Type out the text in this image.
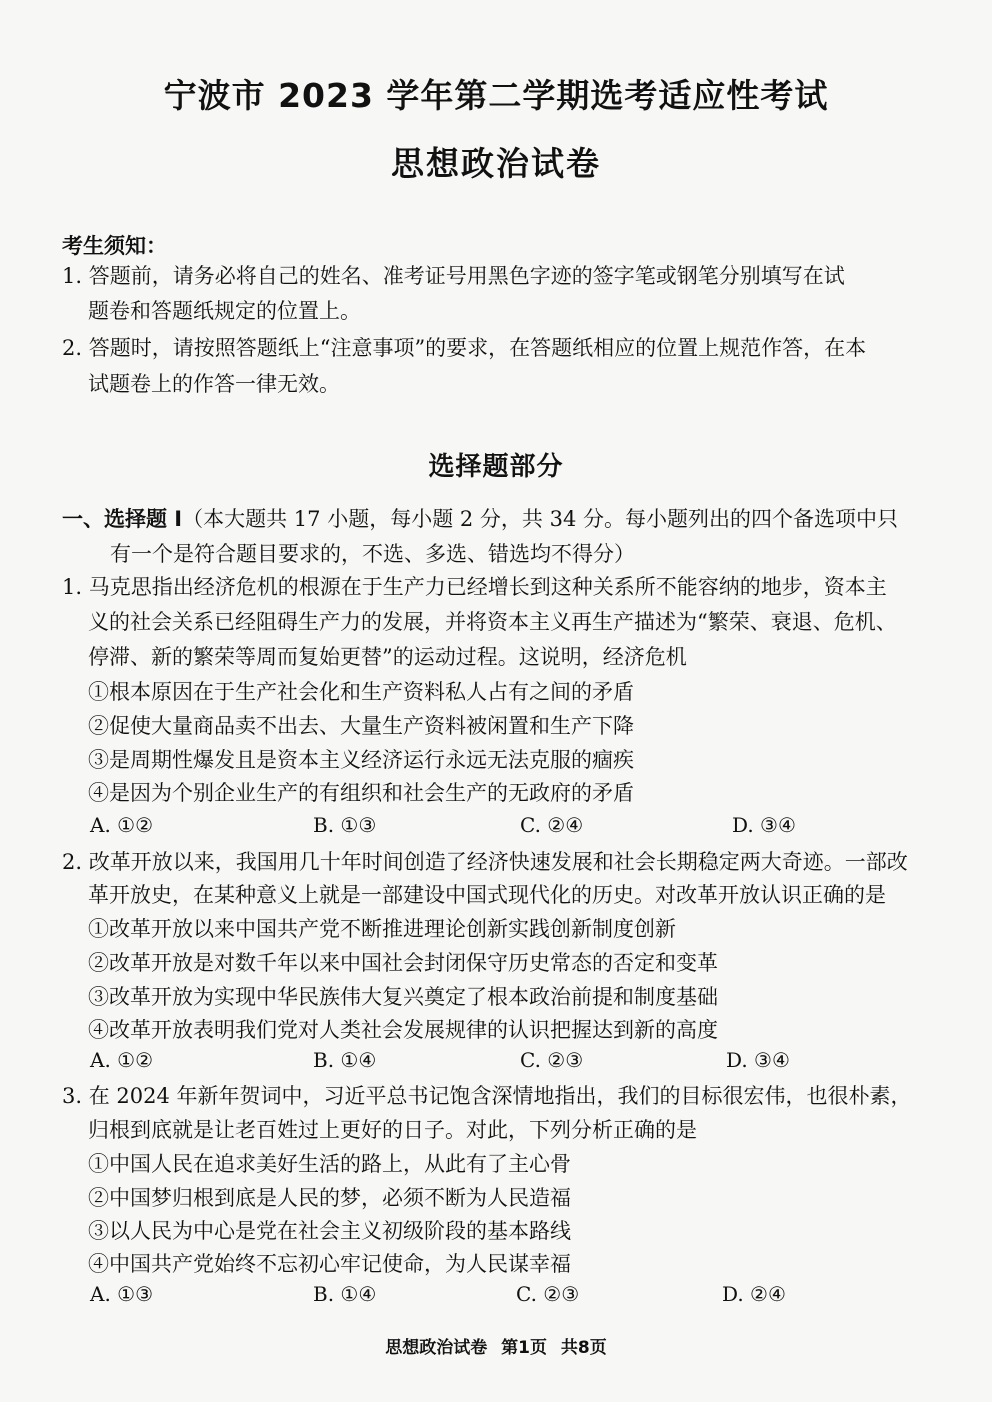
宁波市 2023 学年第二学期选考适应性考试
思想政治试卷
考生须知：
1. 答题前，请务必将自己的姓名、准考证号用黑色字迹的签字笔或钢笔分别填写在试
题卷和答题纸规定的位置上。
2. 答题时，请按照答题纸上“注意事项”的要求，在答题纸相应的位置上规范作答，在本
试题卷上的作答一律无效。
选择题部分
一、选择题 I（本大题共 17 小题，每小题 2 分，共 34 分。每小题列出的四个备选项中只
有一个是符合题目要求的，不选、多选、错选均不得分）
1. 马克思指出经济危机的根源在于生产力已经增长到这种关系所不能容纳的地步，资本主
义的社会关系已经阻碍生产力的发展，并将资本主义再生产描述为“繁荣、衰退、危机、
停滞、新的繁荣等周而复始更替”的运动过程。这说明，经济危机
①根本原因在于生产社会化和生产资料私人占有之间的矛盾
②促使大量商品卖不出去、大量生产资料被闲置和生产下降
③是周期性爆发且是资本主义经济运行永远无法克服的痼疾
④是因为个别企业生产的有组织和社会生产的无政府的矛盾
A. ①②	B. ①③	C. ②④	D. ③④
2. 改革开放以来，我国用几十年时间创造了经济快速发展和社会长期稳定两大奇迹。一部改
革开放史，在某种意义上就是一部建设中国式现代化的历史。对改革开放认识正确的是
①改革开放以来中国共产党不断推进理论创新实践创新制度创新
②改革开放是对数千年以来中国社会封闭保守历史常态的否定和变革
③改革开放为实现中华民族伟大复兴奠定了根本政治前提和制度基础
④改革开放表明我们党对人类社会发展规律的认识把握达到新的高度
A. ①②	B. ①④	C. ②③	D. ③④
3. 在 2024 年新年贺词中，习近平总书记饱含深情地指出，我们的目标很宏伟，也很朴素，
归根到底就是让老百姓过上更好的日子。对此，下列分析正确的是
①中国人民在追求美好生活的路上，从此有了主心骨
②中国梦归根到底是人民的梦，必须不断为人民造福
③以人民为中心是党在社会主义初级阶段的基本路线
④中国共产党始终不忘初心牢记使命，为人民谋幸福
A. ①③	B. ①④	C. ②③	D. ②④
思想政治试卷 第1页 共8页
